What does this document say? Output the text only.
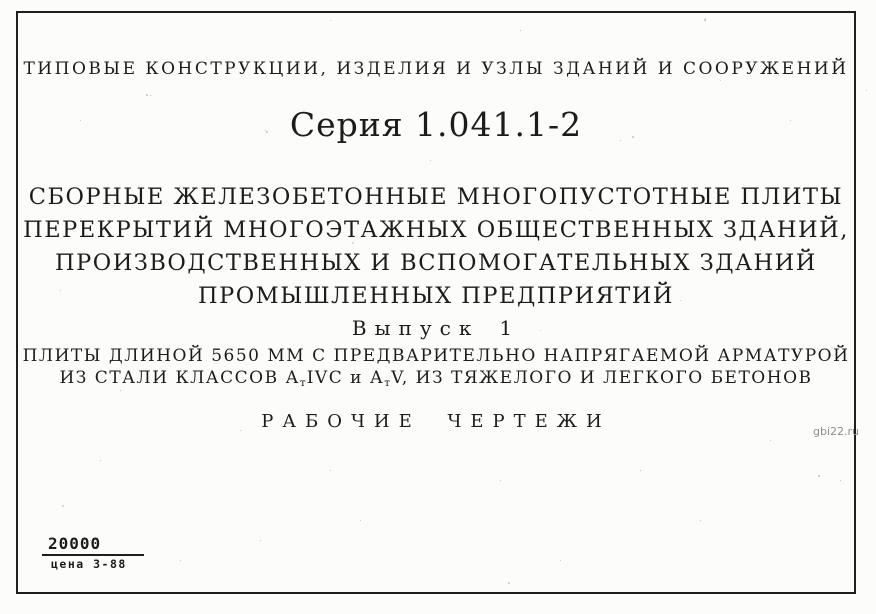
ТИПОВЫЕ КОНСТРУКЦИИ, ИЗДЕЛИЯ И УЗЛЫ ЗДАНИЙ И СООРУЖЕНИЙ
Серия 1.041.1-2
СБОРНЫЕ ЖЕЛЕЗОБЕТОННЫЕ МНОГОПУСТОТНЫЕ ПЛИТЫ
ПЕРЕКРЫТИЙ МНОГОЭТАЖНЫХ ОБЩЕСТВЕННЫХ ЗДАНИЙ,
ПРОИЗВОДСТВЕННЫХ И ВСПОМОГАТЕЛЬНЫХ ЗДАНИЙ
ПРОМЫШЛЕННЫХ ПРЕДПРИЯТИЙ
Выпуск 1
ПЛИТЫ ДЛИНОЙ 5650 ММ С ПРЕДВАРИТЕЛЬНО НАПРЯГАЕМОЙ АРМАТУРОЙ
ИЗ СТАЛИ КЛАССОВ $А_тIVС$ и $А_тV$, ИЗ ТЯЖЕЛОГО И ЛЕГКОГО БЕТОНОВ
РАБОЧИЕ ЧЕРТЕЖИ
20000
цена 3-88
gbi22.ru
